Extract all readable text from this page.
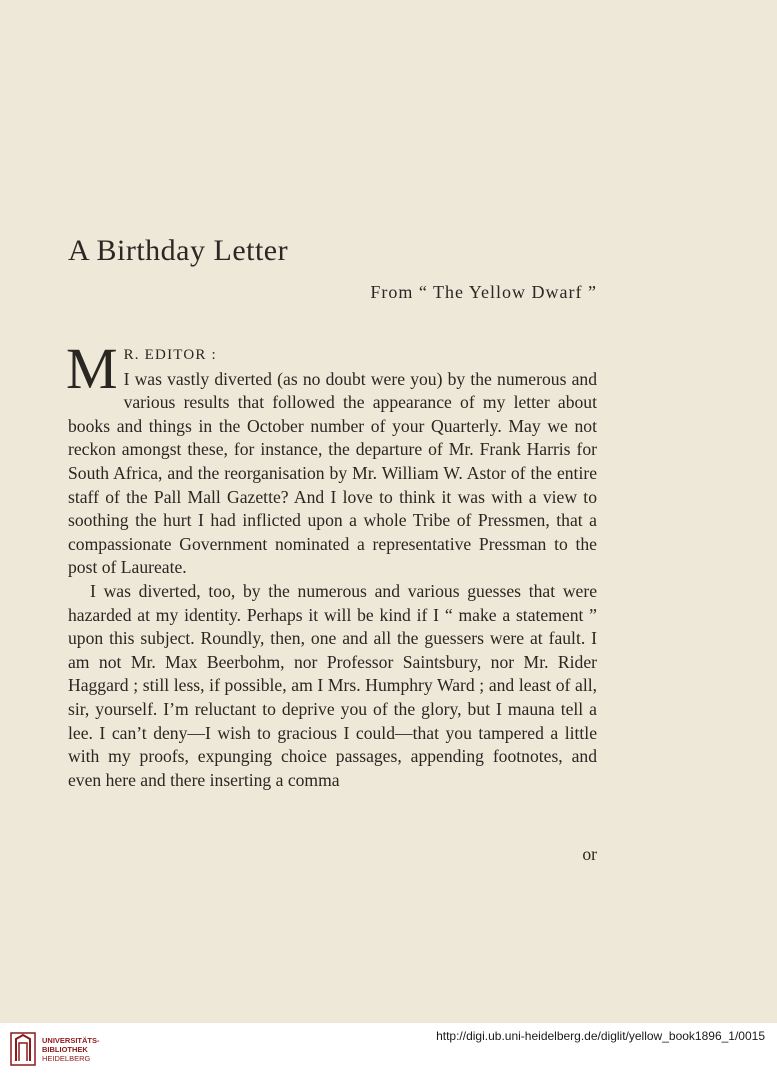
A Birthday Letter
From “ The Yellow Dwarf ”

M R. EDITOR :
I was vastly diverted (as no doubt were you) by the numerous and various results that followed the appearance of my letter about books and things in the October number of your Quarterly. May we not reckon amongst these, for instance, the departure of Mr. Frank Harris for South Africa, and the reorganisation by Mr. William W. Astor of the entire staff of the Pall Mall Gazette? And I love to think it was with a view to soothing the hurt I had inflicted upon a whole Tribe of Pressmen, that a compassionate Government nominated a representative Pressman to the post of Laureate.

I was diverted, too, by the numerous and various guesses that were hazarded at my identity. Perhaps it will be kind if I “ make a statement ” upon this subject. Roundly, then, one and all the guessers were at fault. I am not Mr. Max Beerbohm, nor Professor Saintsbury, nor Mr. Rider Haggard ; still less, if possible, am I Mrs. Humphry Ward ; and least of all, sir, yourself. I’m reluctant to deprive you of the glory, but I mauna tell a lee. I can’t deny—I wish to gracious I could—that you tampered a little with my proofs, expunging choice passages, appending footnotes, and even here and there inserting a comma

or
UNIVERSITÄTS-
BIBLIOTHEK
HEIDELBERG
http://digi.ub.uni-heidelberg.de/diglit/yellow_book1896_1/0015
